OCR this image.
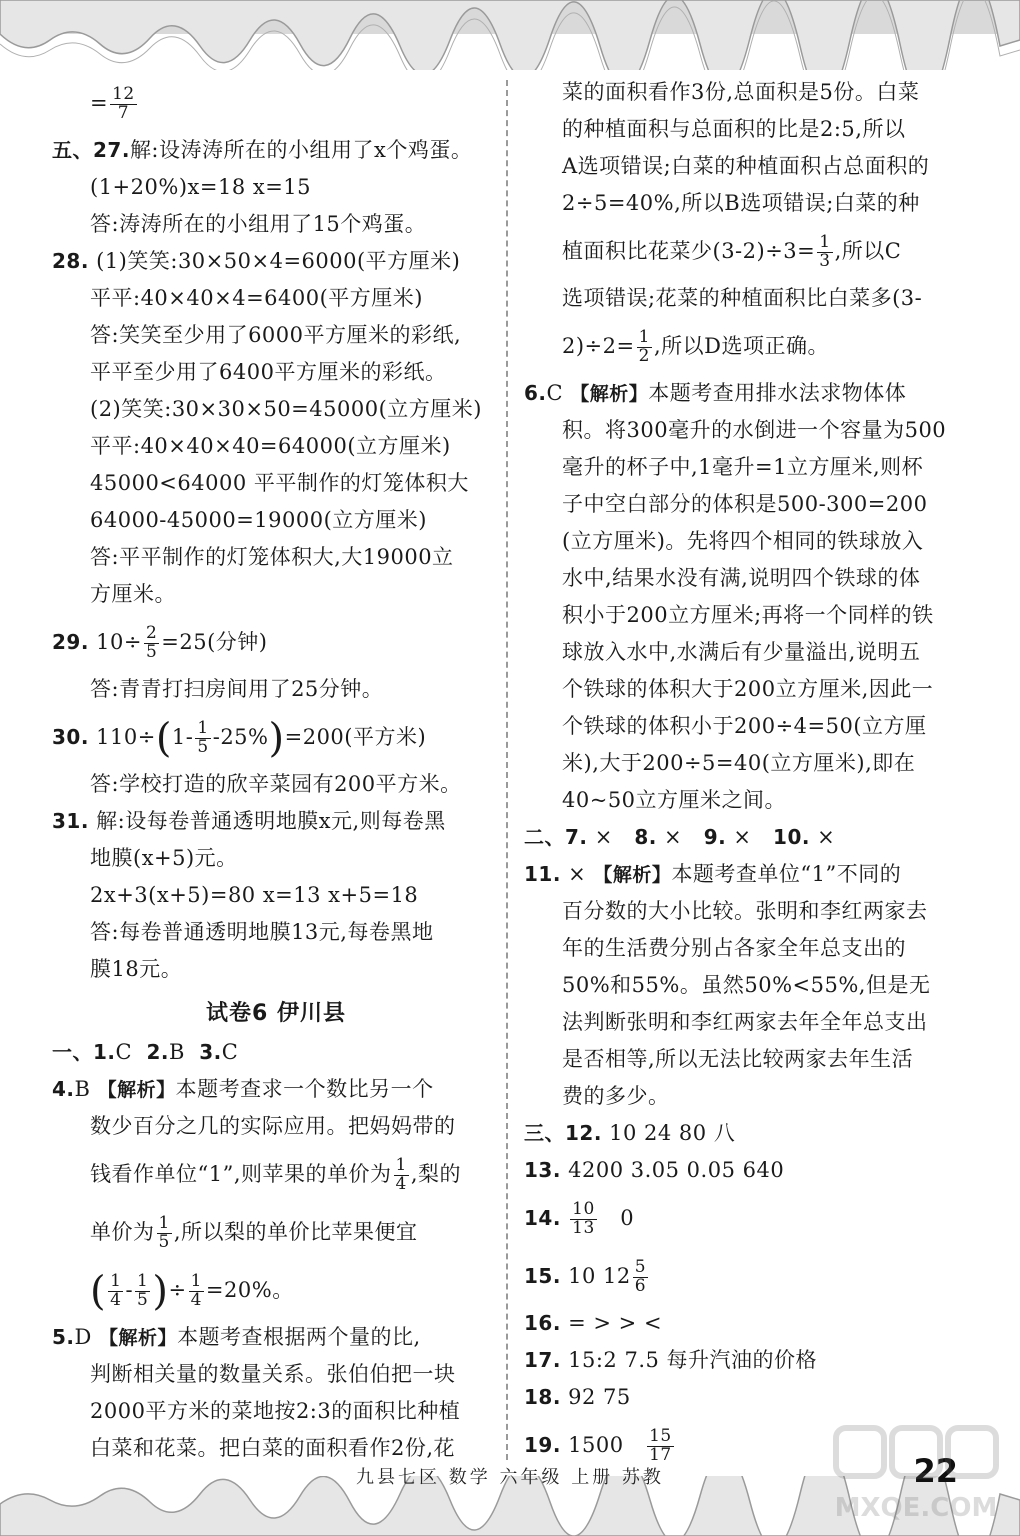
= $\frac{12}{7}$
五、27.解:设涛涛所在的小组用了x个鸡蛋。
(1+20%)x=18 x=15
答:涛涛所在的小组用了15个鸡蛋。
28. (1)笑笑:30×50×4=6000(平方厘米)
平平:40×40×4=6400(平方厘米)
答:笑笑至少用了6000平方厘米的彩纸,
平平至少用了6400平方厘米的彩纸。
(2)笑笑:30×30×50=45000(立方厘米)
平平:40×40×40=64000(立方厘米)
45000<64000 平平制作的灯笼体积大
64000-45000=19000(立方厘米)
答:平平制作的灯笼体积大,大19000立
方厘米。
29. $10\div \frac{2}{5} =25$(分钟)
答:青青打扫房间用了25分钟。
30. $110\div(1- \frac{1}{5} -25\%)=200$(平方米)
答:学校打造的欣辛菜园有200平方米。
31. 解:设每卷普通透明地膜x元,则每卷黑
地膜(x+5)元。
2x+3(x+5)=80 x=13 x+5=18
答:每卷普通透明地膜13元,每卷黑地
膜18元。
试卷6 伊川县
一、1.C 2.B 3.C
4.B 【解析】本题考查求一个数比另一个
数少百分之几的实际应用。把妈妈带的
钱看作单位“1”,则苹果的单价为 $\frac{1}{4}$ ,梨的
单价为 $\frac{1}{5}$ ,所以梨的单价比苹果便宜
( $\frac{1}{4} - \frac{1}{5}$ )÷ $\frac{1}{4} =20\%$。
5.D 【解析】本题考查根据两个量的比,
判断相关量的数量关系。张伯伯把一块
2000平方米的菜地按2:3的面积比种植
白菜和花菜。把白菜的面积看作2份,花
菜的面积看作3份,总面积是5份。白菜
的种植面积与总面积的比是2:5,所以
A选项错误;白菜的种植面积占总面积的
2÷5=40%,所以B选项错误;白菜的种
植面积比花菜少$(3-2)\div 3= \frac{1}{3}$ ,所以C
选项错误;花菜的种植面积比白菜多(3-
$2)\div 2= \frac{1}{2}$ ,所以D选项正确。
6.C 【解析】本题考查用排水法求物体体
积。将300毫升的水倒进一个容量为500
毫升的杯子中,1毫升=1立方厘米,则杯
子中空白部分的体积是500-300=200
(立方厘米)。先将四个相同的铁球放入
水中,结果水没有满,说明四个铁球的体
积小于200立方厘米;再将一个同样的铁
球放入水中,水满后有少量溢出,说明五
个铁球的体积大于200立方厘米,因此一
个铁球的体积小于200÷4=50(立方厘
米),大于200÷5=40(立方厘米),即在
40~50立方厘米之间。
二、7. × 8. × 9. × 10. ×
11. × 【解析】本题考查单位“1”不同的
百分数的大小比较。张明和李红两家去
年的生活费分别占各家全年总支出的
50%和55%。虽然50%<55%,但是无
法判断张明和李红两家去年全年总支出
是否相等,所以无法比较两家去年生活
费的多少。
三、12. 10 24 80 八
13. 4200 3.05 0.05 640
14. $\frac{10}{13} 0$
15. 10 $12 \frac{5}{6}$
16. = > > <
17. 15:2 7.5 每升汽油的价格
18. 92 75
19. $1500 \frac{15}{17}$
九县七区 数学 六年级 上册 苏教	22
MXQE.COM
